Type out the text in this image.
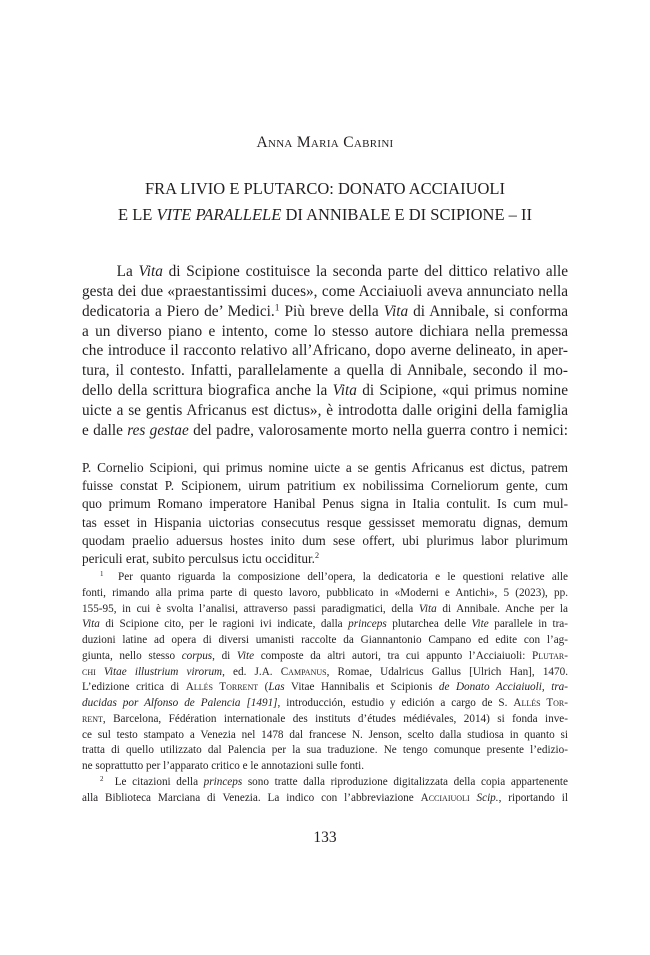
Anna Maria Cabrini
FRA LIVIO E PLUTARCO: DONATO ACCIAIUOLI
E LE VITE PARALLELE DI ANNIBALE E DI SCIPIONE – II
La Vita di Scipione costituisce la seconda parte del dittico relativo alle
gesta dei due «praestantissimi duces», come Acciaiuoli aveva annunciato nella
dedicatoria a Piero de’ Medici.$^1$ Più breve della Vita di Annibale, si conforma
a un diverso piano e intento, come lo stesso autore dichiara nella premessa
che introduce il racconto relativo all’Africano, dopo averne delineato, in aper-
tura, il contesto. Infatti, parallelamente a quella di Annibale, secondo il mo-
dello della scrittura biografica anche la Vita di Scipione, «qui primus nomine
uicte a se gentis Africanus est dictus», è introdotta dalle origini della famiglia
e dalle res gestae del padre, valorosamente morto nella guerra contro i nemici:
P. Cornelio Scipioni, qui primus nomine uicte a se gentis Africanus est dictus, patrem
fuisse constat P. Scipionem, uirum patritium ex nobilissima Corneliorum gente, cum
quo primum Romano imperatore Hanibal Penus signa in Italia contulit. Is cum mul-
tas esset in Hispania uictorias consecutus resque gessisset memoratu dignas, demum
quodam praelio aduersus hostes inito dum sese offert, ubi plurimus labor plurimum
periculi erat, subito perculsus ictu occiditur.$^2$
$^1$  Per quanto riguarda la composizione dell’opera, la dedicatoria e le questioni relative alle
fonti, rimando alla prima parte di questo lavoro, pubblicato in «Moderni e Antichi», 5 (2023), pp.
155-95, in cui è svolta l’analisi, attraverso passi paradigmatici, della Vita di Annibale. Anche per la
Vita di Scipione cito, per le ragioni ivi indicate, dalla princeps plutarchea delle Vite parallele in tra-
duzioni latine ad opera di diversi umanisti raccolte da Giannantonio Campano ed edite con l’ag-
giunta, nello stesso corpus, di Vite composte da altri autori, tra cui appunto l’Acciaiuoli: Plutar-
chi Vitae illustrium virorum, ed. J.A. Campanus, Romae, Udalricus Gallus [Ulrich Han], 1470.
L’edizione critica di Allés Torrent (Las Vitae Hannibalis et Scipionis de Donato Acciaiuoli, tra-
ducidas por Alfonso de Palencia [1491], introducción, estudio y edición a cargo de S. Allés Tor-
rent, Barcelona, Fédération internationale des instituts d’études médiévales, 2014) si fonda inve-
ce sul testo stampato a Venezia nel 1478 dal francese N. Jenson, scelto dalla studiosa in quanto si
tratta di quello utilizzato dal Palencia per la sua traduzione. Ne tengo comunque presente l’edizio-
ne soprattutto per l’apparato critico e le annotazioni sulle fonti.
$^2$  Le citazioni della princeps sono tratte dalla riproduzione digitalizzata della copia appartenente
alla Biblioteca Marciana di Venezia. La indico con l’abbreviazione Acciaiuoli Scip., riportando il
133
